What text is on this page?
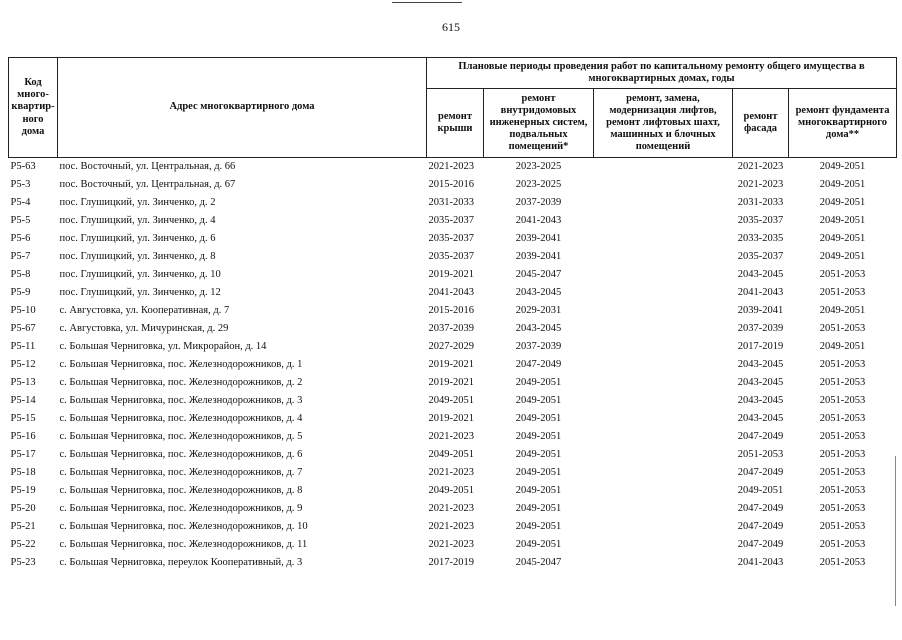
615
Код много-квартир-ного дома	Адрес многоквартирного дома	Плановые периоды проведения работ по капитальному ремонту общего имущества в многоквартирных домах, годы				
		ремонт крыши	ремонт внутридомовых инженерных систем, подвальных помещений*	ремонт, замена, модернизация лифтов, ремонт лифтовых шахт, машинных и блочных помещений	ремонт фасада	ремонт фундамента многоквартирного дома**
Р5-63	пос. Восточный, ул. Центральная, д. 66	2021-2023	2023-2025		2021-2023	2049-2051
Р5-3	пос. Восточный, ул. Центральная, д. 67	2015-2016	2023-2025		2021-2023	2049-2051
Р5-4	пос. Глушицкий, ул. Зинченко, д. 2	2031-2033	2037-2039		2031-2033	2049-2051
Р5-5	пос. Глушицкий, ул. Зинченко, д. 4	2035-2037	2041-2043		2035-2037	2049-2051
Р5-6	пос. Глушицкий, ул. Зинченко, д. 6	2035-2037	2039-2041		2033-2035	2049-2051
Р5-7	пос. Глушицкий, ул. Зинченко, д. 8	2035-2037	2039-2041		2035-2037	2049-2051
Р5-8	пос. Глушицкий, ул. Зинченко, д. 10	2019-2021	2045-2047		2043-2045	2051-2053
Р5-9	пос. Глушицкий, ул. Зинченко, д. 12	2041-2043	2043-2045		2041-2043	2051-2053
Р5-10	с. Августовка, ул. Кооперативная, д. 7	2015-2016	2029-2031		2039-2041	2049-2051
Р5-67	с. Августовка, ул. Мичуринская, д. 29	2037-2039	2043-2045		2037-2039	2051-2053
Р5-11	с. Большая Черниговка, ул. Микрорайон, д. 14	2027-2029	2037-2039		2017-2019	2049-2051
Р5-12	с. Большая Черниговка, пос. Железнодорожников, д. 1	2019-2021	2047-2049		2043-2045	2051-2053
Р5-13	с. Большая Черниговка, пос. Железнодорожников, д. 2	2019-2021	2049-2051		2043-2045	2051-2053
Р5-14	с. Большая Черниговка, пос. Железнодорожников, д. 3	2049-2051	2049-2051		2043-2045	2051-2053
Р5-15	с. Большая Черниговка, пос. Железнодорожников, д. 4	2019-2021	2049-2051		2043-2045	2051-2053
Р5-16	с. Большая Черниговка, пос. Железнодорожников, д. 5	2021-2023	2049-2051		2047-2049	2051-2053
Р5-17	с. Большая Черниговка, пос. Железнодорожников, д. 6	2049-2051	2049-2051		2051-2053	2051-2053
Р5-18	с. Большая Черниговка, пос. Железнодорожников, д. 7	2021-2023	2049-2051		2047-2049	2051-2053
Р5-19	с. Большая Черниговка, пос. Железнодорожников, д. 8	2049-2051	2049-2051		2049-2051	2051-2053
Р5-20	с. Большая Черниговка, пос. Железнодорожников, д. 9	2021-2023	2049-2051		2047-2049	2051-2053
Р5-21	с. Большая Черниговка, пос. Железнодорожников, д. 10	2021-2023	2049-2051		2047-2049	2051-2053
Р5-22	с. Большая Черниговка, пос. Железнодорожников, д. 11	2021-2023	2049-2051		2047-2049	2051-2053
Р5-23	с. Большая Черниговка, переулок Кооперативный, д. 3	2017-2019	2045-2047		2041-2043	2051-2053
